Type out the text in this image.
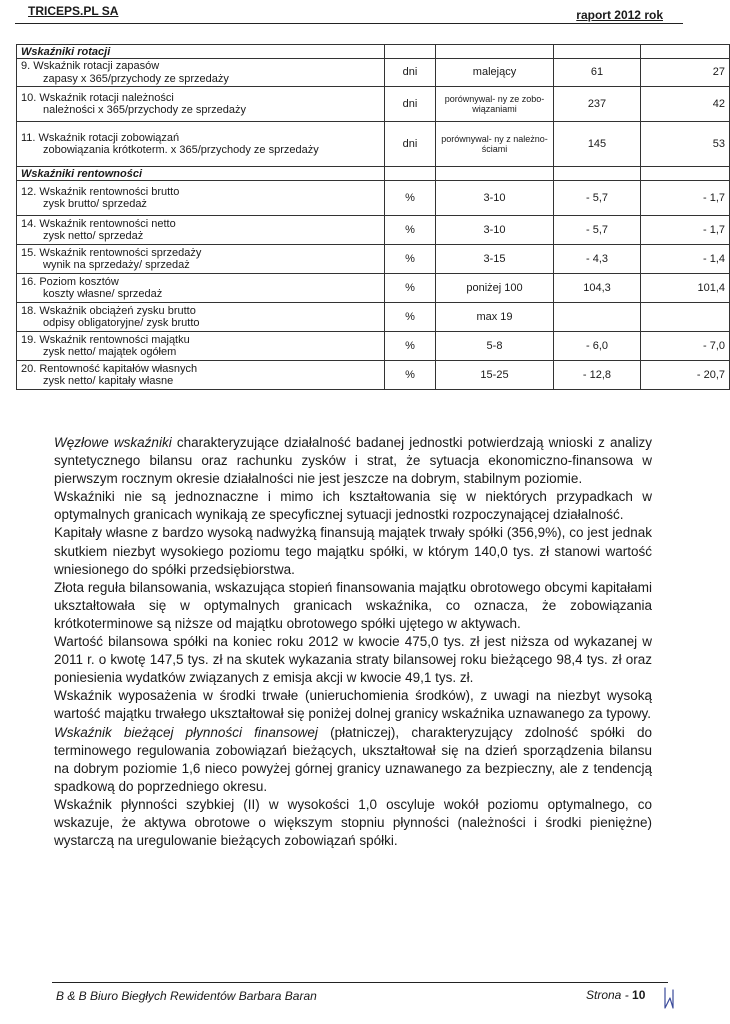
TRICEPS.PL SA	raport 2012 rok
Wskaźniki rotacji				
9. Wskaźnik rotacji zapasów
zapasy x 365/przychody ze sprzedaży	dni	malejący	61	27
10. Wskaźnik rotacji należności
należności x 365/przychody ze sprzedaży	dni	porównywal- ny ze zobo- wiązaniami	237	42
11. Wskaźnik rotacji zobowiązań
zobowiązania krótkoterm. x 365/przychody ze sprzedaży	dni	porównywal- ny z należno- ściami	145	53
Wskaźniki rentowności				
12. Wskaźnik rentowności brutto
zysk brutto/ sprzedaż	%	3-10	- 5,7	- 1,7
14. Wskaźnik rentowności netto
zysk netto/ sprzedaż	%	3-10	- 5,7	- 1,7
15. Wskaźnik rentowności sprzedaży
wynik na sprzedaży/ sprzedaż	%	3-15	- 4,3	- 1,4
16. Poziom kosztów
koszty własne/ sprzedaż	%	poniżej 100	104,3	101,4
18. Wskaźnik obciążeń zysku brutto
odpisy obligatoryjne/ zysk brutto	%	max 19		
19. Wskaźnik rentowności majątku
zysk netto/ majątek ogółem	%	5-8	- 6,0	- 7,0
20. Rentowność kapitałów własnych
zysk netto/ kapitały własne	%	15-25	- 12,8	- 20,7

Węzłowe wskaźniki charakteryzujące działalność badanej jednostki potwierdzają wnioski z analizy syntetycznego bilansu oraz rachunku zysków i strat, że sytuacja ekonomiczno-finansowa w pierwszym rocznym okresie działalności nie jest jeszcze na dobrym, stabilnym poziomie.

Wskaźniki nie są jednoznaczne i mimo ich kształtowania się w niektórych przypadkach w optymalnych granicach wynikają ze specyficznej sytuacji jednostki rozpoczynającej działalność.

Kapitały własne z bardzo wysoką nadwyżką finansują majątek trwały spółki (356,9%), co jest jednak skutkiem niezbyt wysokiego poziomu tego majątku spółki, w którym 140,0 tys. zł stanowi wartość wniesionego do spółki przedsiębiorstwa.

Złota reguła bilansowania, wskazująca stopień finansowania majątku obrotowego obcymi kapitałami ukształtowała się w optymalnych granicach wskaźnika, co oznacza, że zobowiązania krótkoterminowe są niższe od majątku obrotowego spółki ujętego w aktywach.

Wartość bilansowa spółki na koniec roku 2012 w kwocie 475,0 tys. zł jest niższa od wykazanej w 2011 r. o kwotę 147,5 tys. zł na skutek wykazania straty bilansowej roku bieżącego 98,4 tys. zł oraz poniesienia wydatków związanych z emisja akcji w kwocie 49,1 tys. zł.

Wskaźnik wyposażenia w środki trwałe (unieruchomienia środków), z uwagi na niezbyt wysoką wartość majątku trwałego ukształtował się poniżej dolnej granicy wskaźnika uznawanego za typowy.

Wskaźnik bieżącej płynności finansowej (płatniczej), charakteryzujący zdolność spółki do terminowego regulowania zobowiązań bieżących, ukształtował się na dzień sporządzenia bilansu na dobrym poziomie 1,6 nieco powyżej górnej granicy uznawanego za bezpieczny, ale z tendencją spadkową do poprzedniego okresu.

Wskaźnik płynności szybkiej (II) w wysokości 1,0 oscyluje wokół poziomu optymalnego, co wskazuje, że aktywa obrotowe o większym stopniu płynności (należności i środki pieniężne) wystarczą na uregulowanie bieżących zobowiązań spółki.

B & B Biuro Biegłych Rewidentów Barbara Baran	Strona - 10
